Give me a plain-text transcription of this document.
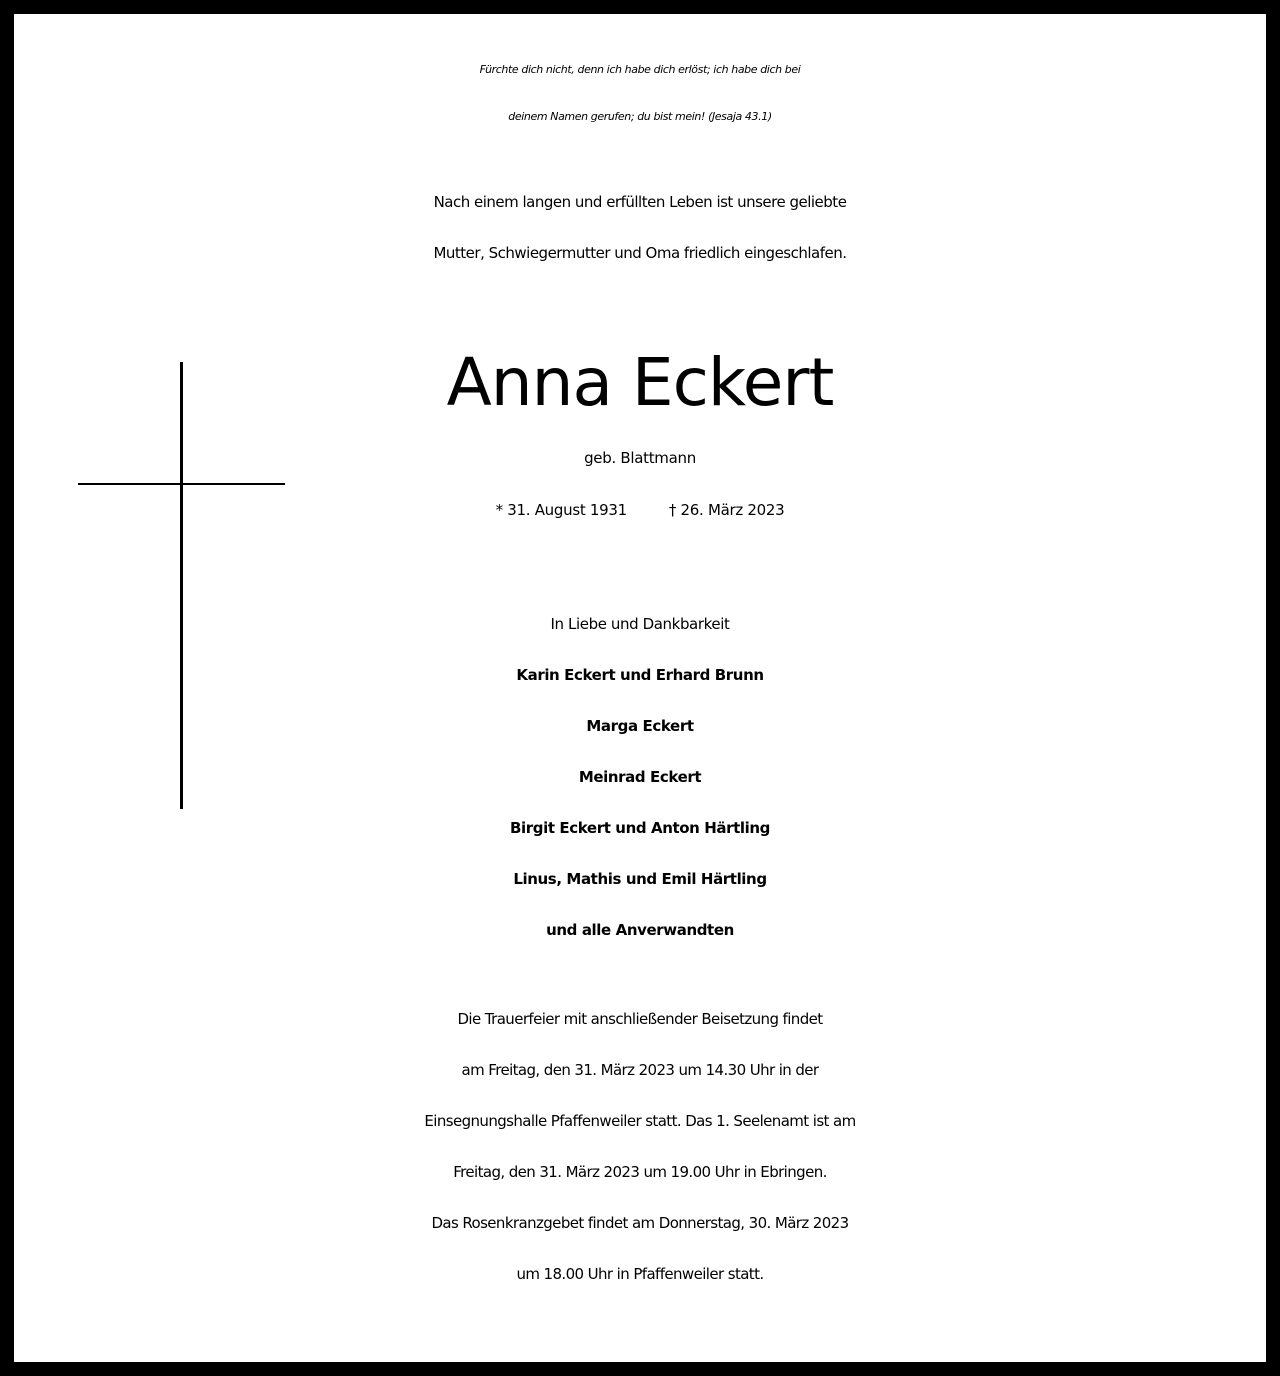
Fürchte dich nicht, denn ich habe dich erlöst; ich habe dich bei
deinem Namen gerufen; du bist mein! (Jesaja 43.1)
Nach einem langen und erfüllten Leben ist unsere geliebte
Mutter, Schwiegermutter und Oma friedlich eingeschlafen.
Anna Eckert
geb. Blattmann
* 31. August 1931	† 26. März 2023
In Liebe und Dankbarkeit
Karin Eckert und Erhard Brunn
Marga Eckert
Meinrad Eckert
Birgit Eckert und Anton Härtling
Linus, Mathis und Emil Härtling
und alle Anverwandten
Die Trauerfeier mit anschließender Beisetzung findet
am Freitag, den 31. März 2023 um 14.30 Uhr in der
Einsegnungshalle Pfaffenweiler statt. Das 1. Seelenamt ist am
Freitag, den 31. März 2023 um 19.00 Uhr in Ebringen.
Das Rosenkranzgebet findet am Donnerstag, 30. März 2023
um 18.00 Uhr in Pfaffenweiler statt.
